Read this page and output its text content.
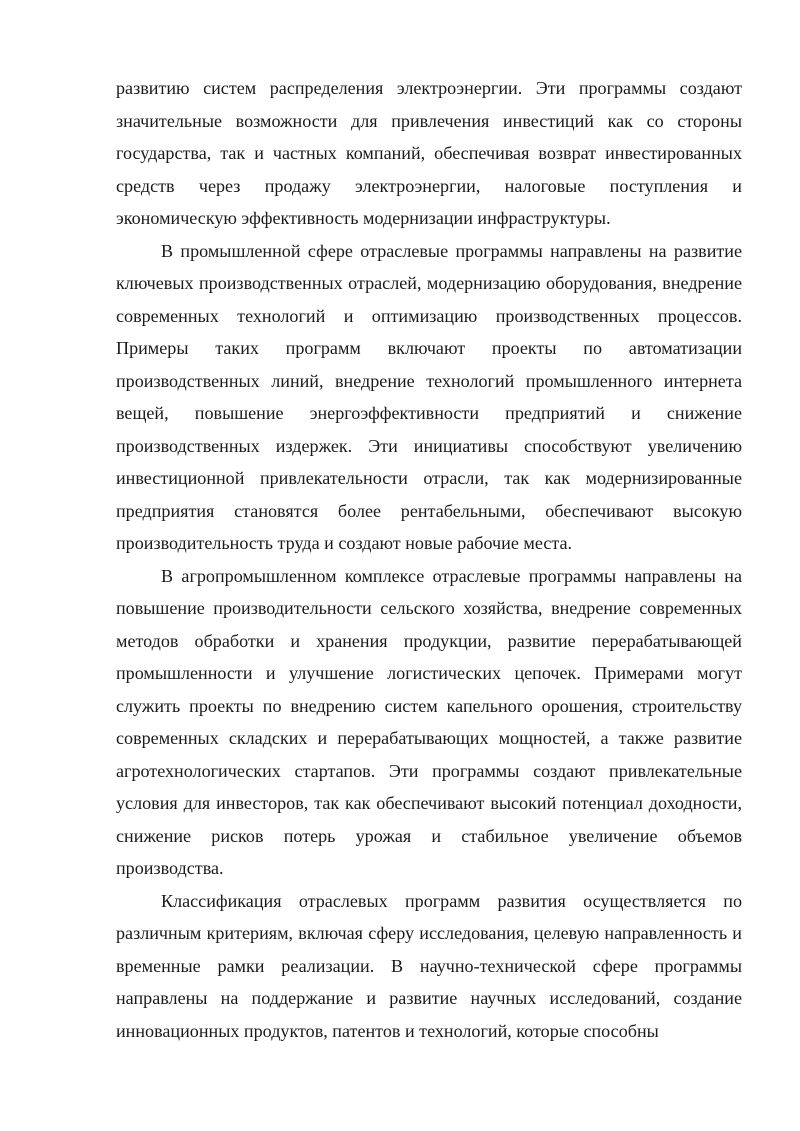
развитию систем распределения электроэнергии. Эти программы создают значительные возможности для привлечения инвестиций как со стороны государства, так и частных компаний, обеспечивая возврат инвестированных средств через продажу электроэнергии, налоговые поступления и экономическую эффективность модернизации инфраструктуры.

В промышленной сфере отраслевые программы направлены на развитие ключевых производственных отраслей, модернизацию оборудования, внедрение современных технологий и оптимизацию производственных процессов. Примеры таких программ включают проекты по автоматизации производственных линий, внедрение технологий промышленного интернета вещей, повышение энергоэффективности предприятий и снижение производственных издержек. Эти инициативы способствуют увеличению инвестиционной привлекательности отрасли, так как модернизированные предприятия становятся более рентабельными, обеспечивают высокую производительность труда и создают новые рабочие места.

В агропромышленном комплексе отраслевые программы направлены на повышение производительности сельского хозяйства, внедрение современных методов обработки и хранения продукции, развитие перерабатывающей промышленности и улучшение логистических цепочек. Примерами могут служить проекты по внедрению систем капельного орошения, строительству современных складских и перерабатывающих мощностей, а также развитие агротехнологических стартапов. Эти программы создают привлекательные условия для инвесторов, так как обеспечивают высокий потенциал доходности, снижение рисков потерь урожая и стабильное увеличение объемов производства.

Классификация отраслевых программ развития осуществляется по различным критериям, включая сферу исследования, целевую направленность и временные рамки реализации. В научно-технической сфере программы направлены на поддержание и развитие научных исследований, создание инновационных продуктов, патентов и технологий, которые способны
